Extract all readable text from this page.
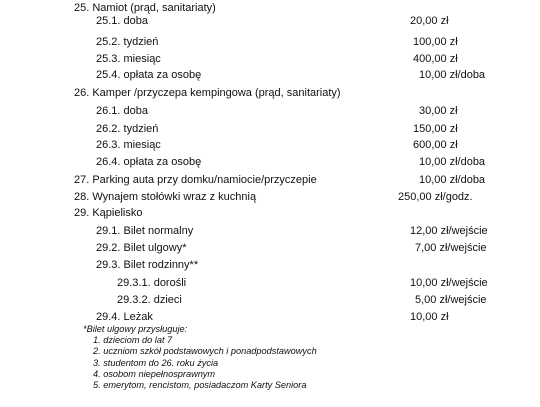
25. Namiot (prąd, sanitariaty)
25.1. doba	20,00 zł
25.2. tydzień	100,00 zł
25.3. miesiąc	400,00 zł
25.4. opłata za osobę	10,00 zł/doba
26. Kamper /przyczepa kempingowa (prąd, sanitariaty)
26.1. doba	30,00 zł
26.2. tydzień	150,00 zł
26.3. miesiąc	600,00 zł
26.4. opłata za osobę	10,00 zł/doba
27. Parking auta przy domku/namiocie/przyczepie	10,00 zł/doba
28. Wynajem stołówki wraz z kuchnią	250,00 zł/godz.
29. Kąpielisko
29.1. Bilet normalny	12,00 zł/wejście
29.2. Bilet ulgowy*	7,00 zł/wejście
29.3. Bilet rodzinny**
29.3.1. dorośli	10,00 zł/wejście
29.3.2. dzieci	5,00 zł/wejście
29.4. Leżak	10,00 zł
*Bilet ulgowy przysługuje:
1. dzieciom do lat 7
2. uczniom szkół podstawowych i ponadpodstawowych
3. studentom do 26. roku życia
4. osobom niepełnosprawnym
5. emerytom, rencistom, posiadaczom Karty Seniora
